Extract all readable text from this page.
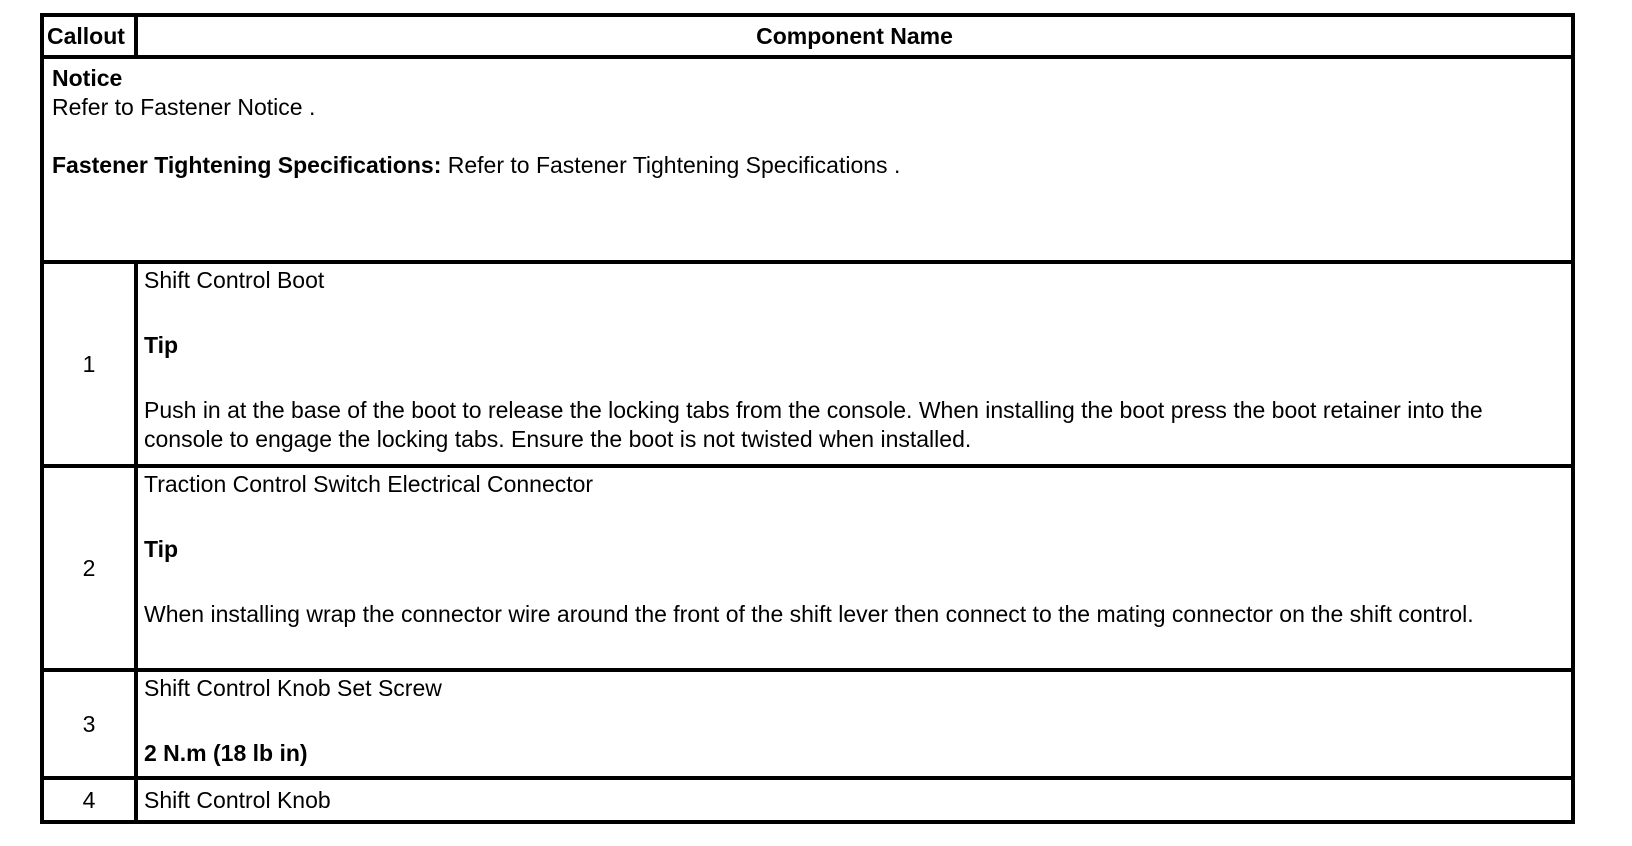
Callout	Component Name

Notice
Refer to Fastener Notice .
Fastener Tightening Specifications: Refer to Fastener Tightening Specifications .	

1	Shift Control Boot
Tip
Push in at the base of the boot to release the locking tabs from the console. When installing the boot press the boot retainer into the console to engage the locking tabs. Ensure the boot is not twisted when installed.

2	Traction Control Switch Electrical Connector
Tip
When installing wrap the connector wire around the front of the shift lever then connect to the mating connector on the shift control.

3	Shift Control Knob Set Screw
2 N.m (18 lb in)

4	Shift Control Knob
